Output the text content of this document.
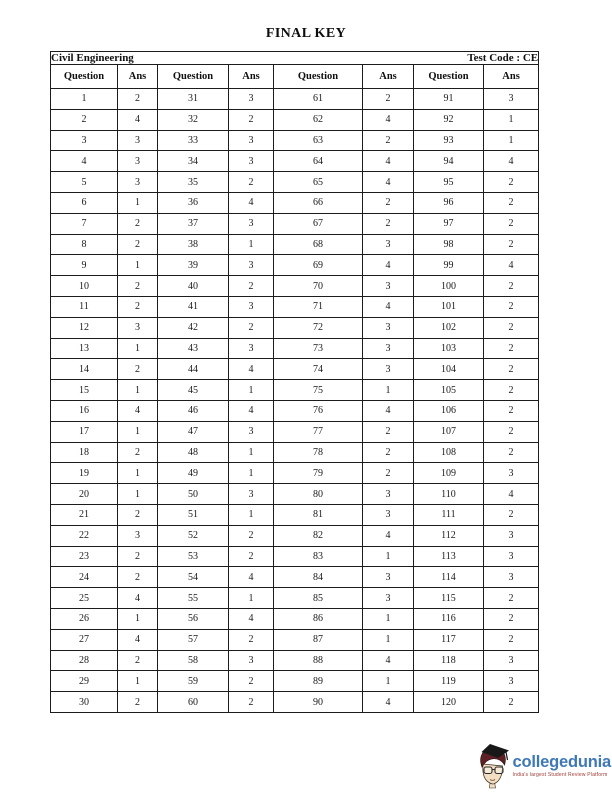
FINAL KEY
Civil Engineering Test Code : CE							

Question	Ans	Question	Ans	Question	Ans	Question	Ans
1	2	31	3	61	2	91	3
2	4	32	2	62	4	92	1
3	3	33	3	63	2	93	1
4	3	34	3	64	4	94	4
5	3	35	2	65	4	95	2
6	1	36	4	66	2	96	2
7	2	37	3	67	2	97	2
8	2	38	1	68	3	98	2
9	1	39	3	69	4	99	4
10	2	40	2	70	3	100	2
11	2	41	3	71	4	101	2
12	3	42	2	72	3	102	2
13	1	43	3	73	3	103	2
14	2	44	4	74	3	104	2
15	1	45	1	75	1	105	2
16	4	46	4	76	4	106	2
17	1	47	3	77	2	107	2
18	2	48	1	78	2	108	2
19	1	49	1	79	2	109	3
20	1	50	3	80	3	110	4
21	2	51	1	81	3	111	2
22	3	52	2	82	4	112	3
23	2	53	2	83	1	113	3
24	2	54	4	84	3	114	3
25	4	55	1	85	3	115	2
26	1	56	4	86	1	116	2
27	4	57	2	87	1	117	2
28	2	58	3	88	4	118	3
29	1	59	2	89	1	119	3
30	2	60	2	90	4	120	2
collegedunia
India's largest Student Review Platform
